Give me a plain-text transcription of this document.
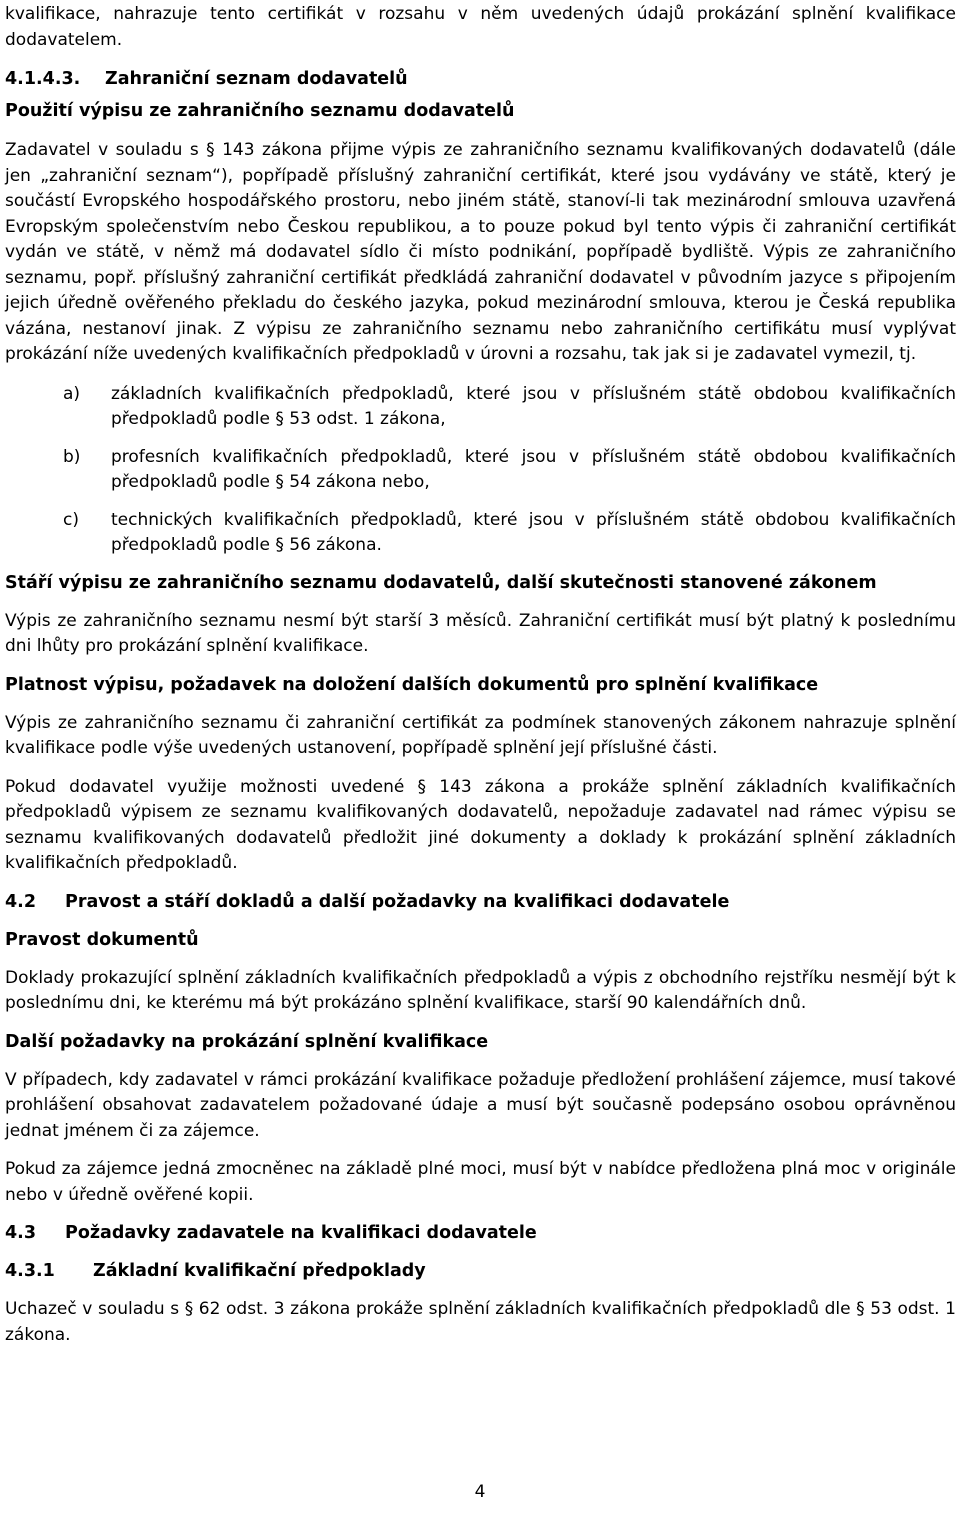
kvalifikace, nahrazuje tento certifikát v rozsahu v něm uvedených údajů prokázání splnění kvalifikace dodavatelem.

4.1.4.3. Zahraniční seznam dodavatelů

Použití výpisu ze zahraničního seznamu dodavatelů

Zadavatel v souladu s § 143 zákona přijme výpis ze zahraničního seznamu kvalifikovaných dodavatelů (dále jen „zahraniční seznam“), popřípadě příslušný zahraniční certifikát, které jsou vydávány ve státě, který je součástí Evropského hospodářského prostoru, nebo jiném státě, stanoví-li tak mezinárodní smlouva uzavřená Evropským společenstvím nebo Českou republikou, a to pouze pokud byl tento výpis či zahraniční certifikát vydán ve státě, v němž má dodavatel sídlo či místo podnikání, popřípadě bydliště. Výpis ze zahraničního seznamu, popř. příslušný zahraniční certifikát předkládá zahraniční dodavatel v původním jazyce s připojením jejich úředně ověřeného překladu do českého jazyka, pokud mezinárodní smlouva, kterou je Česká republika vázána, nestanoví jinak. Z výpisu ze zahraničního seznamu nebo zahraničního certifikátu musí vyplývat prokázání níže uvedených kvalifikačních předpokladů v úrovni a rozsahu, tak jak si je zadavatel vymezil, tj.

a)	základních kvalifikačních předpokladů, které jsou v příslušném státě obdobou kvalifikačních předpokladů podle § 53 odst. 1 zákona,
b)	profesních kvalifikačních předpokladů, které jsou v příslušném státě obdobou kvalifikačních předpokladů podle § 54 zákona nebo,
c)	technických kvalifikačních předpokladů, které jsou v příslušném státě obdobou kvalifikačních předpokladů podle § 56 zákona.

Stáří výpisu ze zahraničního seznamu dodavatelů, další skutečnosti stanovené zákonem

Výpis ze zahraničního seznamu nesmí být starší 3 měsíců. Zahraniční certifikát musí být platný k poslednímu dni lhůty pro prokázání splnění kvalifikace.

Platnost výpisu, požadavek na doložení dalších dokumentů pro splnění kvalifikace

Výpis ze zahraničního seznamu či zahraniční certifikát za podmínek stanovených zákonem nahrazuje splnění kvalifikace podle výše uvedených ustanovení, popřípadě splnění její příslušné části.

Pokud dodavatel využije možnosti uvedené § 143 zákona a prokáže splnění základních kvalifikačních předpokladů výpisem ze seznamu kvalifikovaných dodavatelů, nepožaduje zadavatel nad rámec výpisu se seznamu kvalifikovaných dodavatelů předložit jiné dokumenty a doklady k prokázání splnění základních kvalifikačních předpokladů.

4.2 Pravost a stáří dokladů a další požadavky na kvalifikaci dodavatele

Pravost dokumentů

Doklady prokazující splnění základních kvalifikačních předpokladů a výpis z obchodního rejstříku nesmějí být k poslednímu dni, ke kterému má být prokázáno splnění kvalifikace, starší 90 kalendářních dnů.

Další požadavky na prokázání splnění kvalifikace

V případech, kdy zadavatel v rámci prokázání kvalifikace požaduje předložení prohlášení zájemce, musí takové prohlášení obsahovat zadavatelem požadované údaje a musí být současně podepsáno osobou oprávněnou jednat jménem či za zájemce.

Pokud za zájemce jedná zmocněnec na základě plné moci, musí být v nabídce předložena plná moc v originále nebo v úředně ověřené kopii.

4.3 Požadavky zadavatele na kvalifikaci dodavatele

4.3.1 Základní kvalifikační předpoklady

Uchazeč v souladu s § 62 odst. 3 zákona prokáže splnění základních kvalifikačních předpokladů dle § 53 odst. 1 zákona.

4
